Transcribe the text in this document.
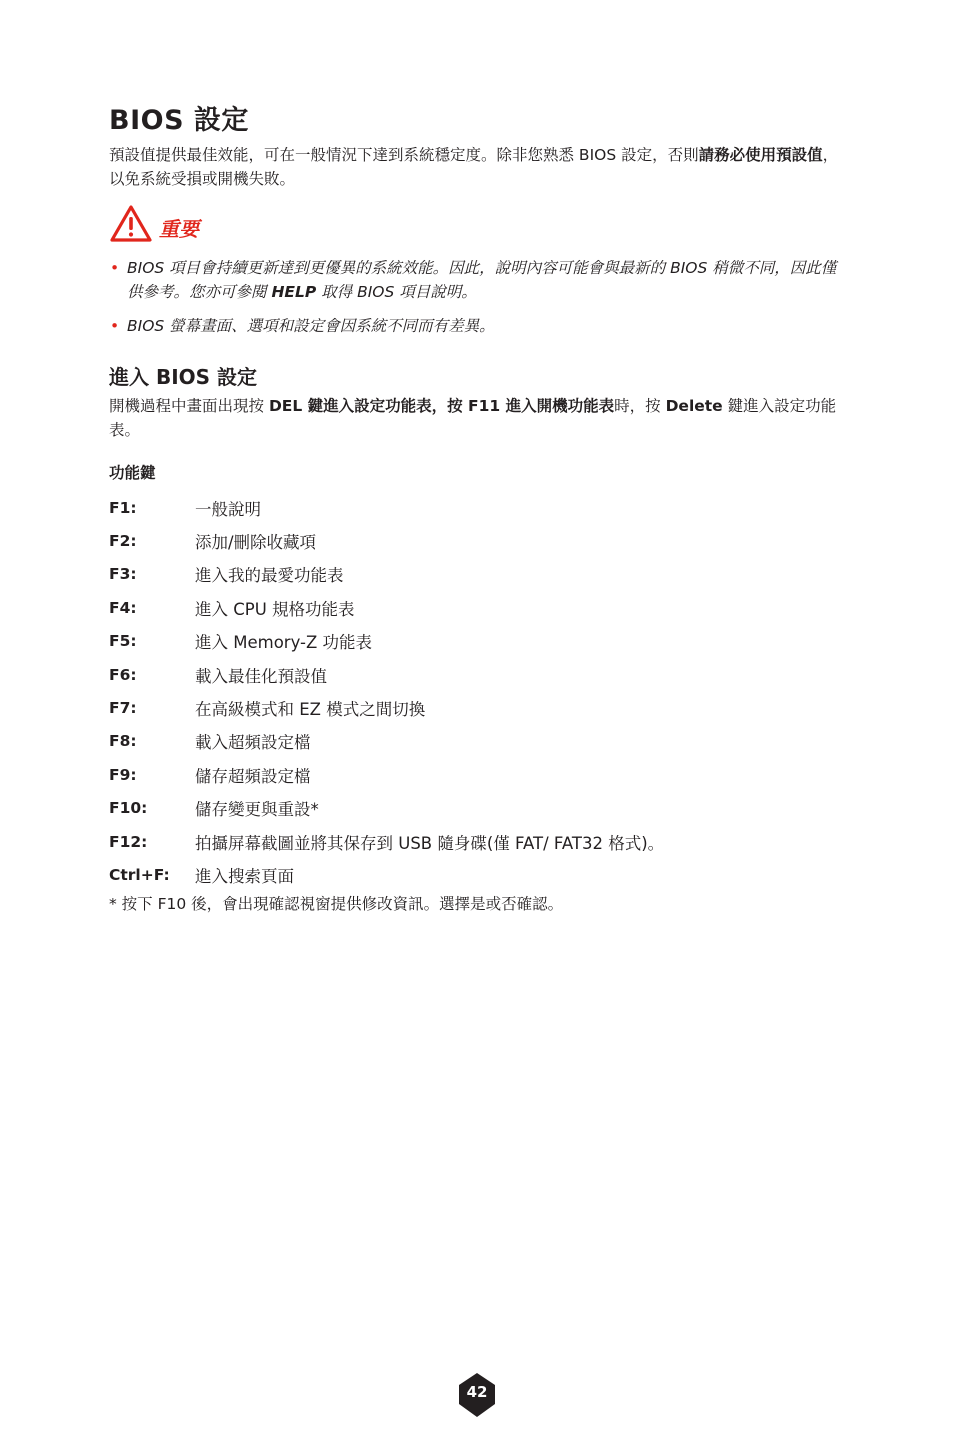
BIOS 設定

預設值提供最佳效能，可在一般情況下達到系統穩定度。除非您熟悉 BIOS 設定，否則請務必使用預設值，以免系統受損或開機失敗。

重要
• BIOS 項目會持續更新達到更優異的系統效能。因此，說明內容可能會與最新的 BIOS 稍微不同，因此僅供參考。您亦可參閱 HELP 取得 BIOS 項目說明。
• BIOS 螢幕畫面、選項和設定會因系統不同而有差異。
進入 BIOS 設定

開機過程中畫面出現按 DEL 鍵進入設定功能表，按 F11 進入開機功能表時，按 Delete 鍵進入設定功能表。

功能鍵
F1:	一般說明
F2:	添加/刪除收藏項
F3:	進入我的最愛功能表
F4:	進入 CPU 規格功能表
F5:	進入 Memory-Z 功能表
F6:	載入最佳化預設值
F7:	在高級模式和 EZ 模式之間切換
F8:	載入超頻設定檔
F9:	儲存超頻設定檔
F10:	儲存變更與重設*
F12:	拍攝屏幕截圖並將其保存到 USB 隨身碟(僅 FAT/ FAT32 格式)。
Ctrl+F:	進入搜索頁面

* 按下 F10 後，會出現確認視窗提供修改資訊。選擇是或否確認。

42
